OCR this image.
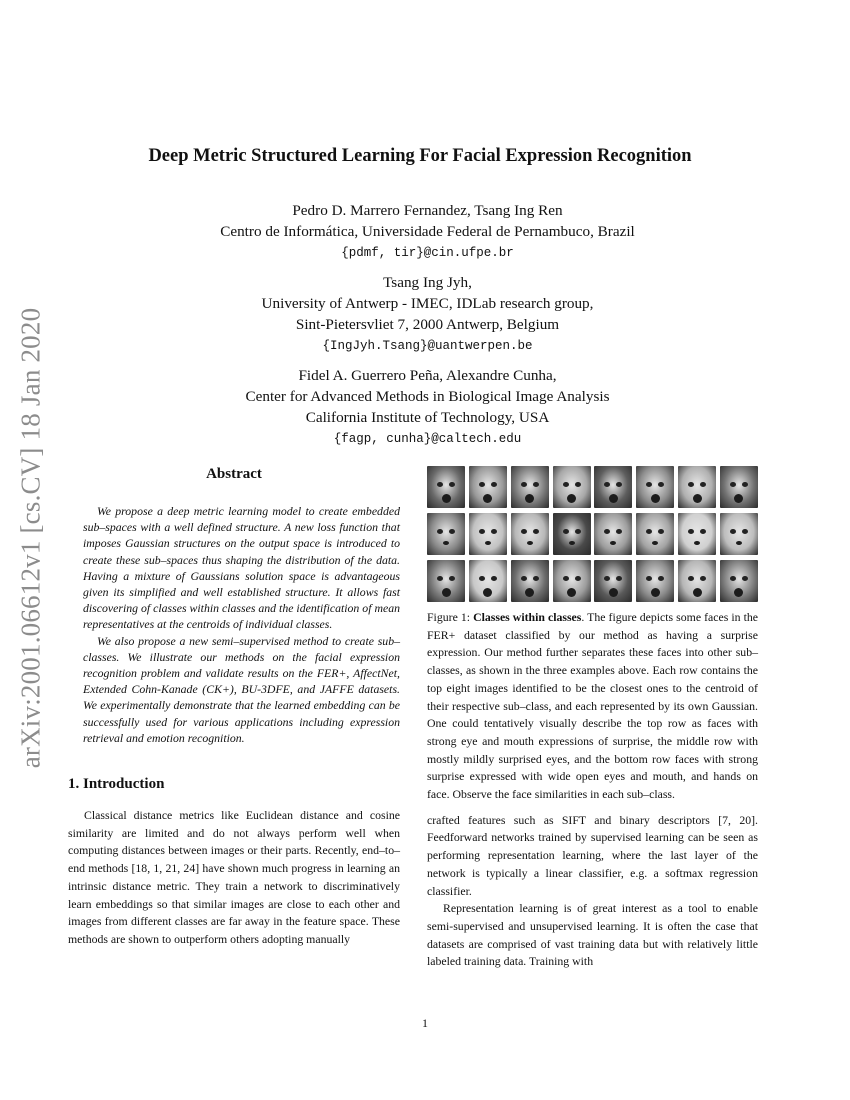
arXiv:2001.06612v1 [cs.CV] 18 Jan 2020
Deep Metric Structured Learning For Facial Expression Recognition
Pedro D. Marrero Fernandez, Tsang Ing Ren
Centro de Informática, Universidade Federal de Pernambuco, Brazil
{pdmf, tir}@cin.ufpe.br
Tsang Ing Jyh,
University of Antwerp - IMEC, IDLab research group,
Sint-Pietersvliet 7, 2000 Antwerp, Belgium
{IngJyh.Tsang}@uantwerpen.be
Fidel A. Guerrero Peña, Alexandre Cunha,
Center for Advanced Methods in Biological Image Analysis
California Institute of Technology, USA
{fagp, cunha}@caltech.edu
Abstract

We propose a deep metric learning model to create embedded sub–spaces with a well defined structure. A new loss function that imposes Gaussian structures on the output space is introduced to create these sub–spaces thus shaping the distribution of the data. Having a mixture of Gaussians solution space is advantageous given its simplified and well established structure. It allows fast discovering of classes within classes and the identification of mean representatives at the centroids of individual classes.

We also propose a new semi–supervised method to create sub–classes. We illustrate our methods on the facial expression recognition problem and validate results on the FER+, AffectNet, Extended Cohn-Kanade (CK+), BU-3DFE, and JAFFE datasets. We experimentally demonstrate that the learned embedding can be successfully used for various applications including expression retrieval and emotion recognition.

1. Introduction

Classical distance metrics like Euclidean distance and cosine similarity are limited and do not always perform well when computing distances between images or their parts. Recently, end–to–end methods [18, 1, 21, 24] have shown much progress in learning an intrinsic distance metric. They train a network to discriminatively learn embeddings so that similar images are close to each other and images from different classes are far away in the feature space. These methods are shown to outperform others adopting manually

Figure 1: Classes within classes. The figure depicts some faces in the FER+ dataset classified by our method as having a surprise expression. Our method further separates these faces into other sub–classes, as shown in the three examples above. Each row contains the top eight images identified to be the closest ones to the centroid of their respective sub–class, and each represented by its own Gaussian. One could tentatively visually describe the top row as faces with strong eye and mouth expressions of surprise, the middle row with mostly mildly surprised eyes, and the bottom row faces with strong surprise expressed with wide open eyes and mouth, and hands on face. Observe the face similarities in each sub–class.

crafted features such as SIFT and binary descriptors [7, 20]. Feedforward networks trained by supervised learning can be seen as performing representation learning, where the last layer of the network is typically a linear classifier, e.g. a softmax regression classifier.

Representation learning is of great interest as a tool to enable semi-supervised and unsupervised learning. It is often the case that datasets are comprised of vast training data but with relatively little labeled training data. Training with

1
